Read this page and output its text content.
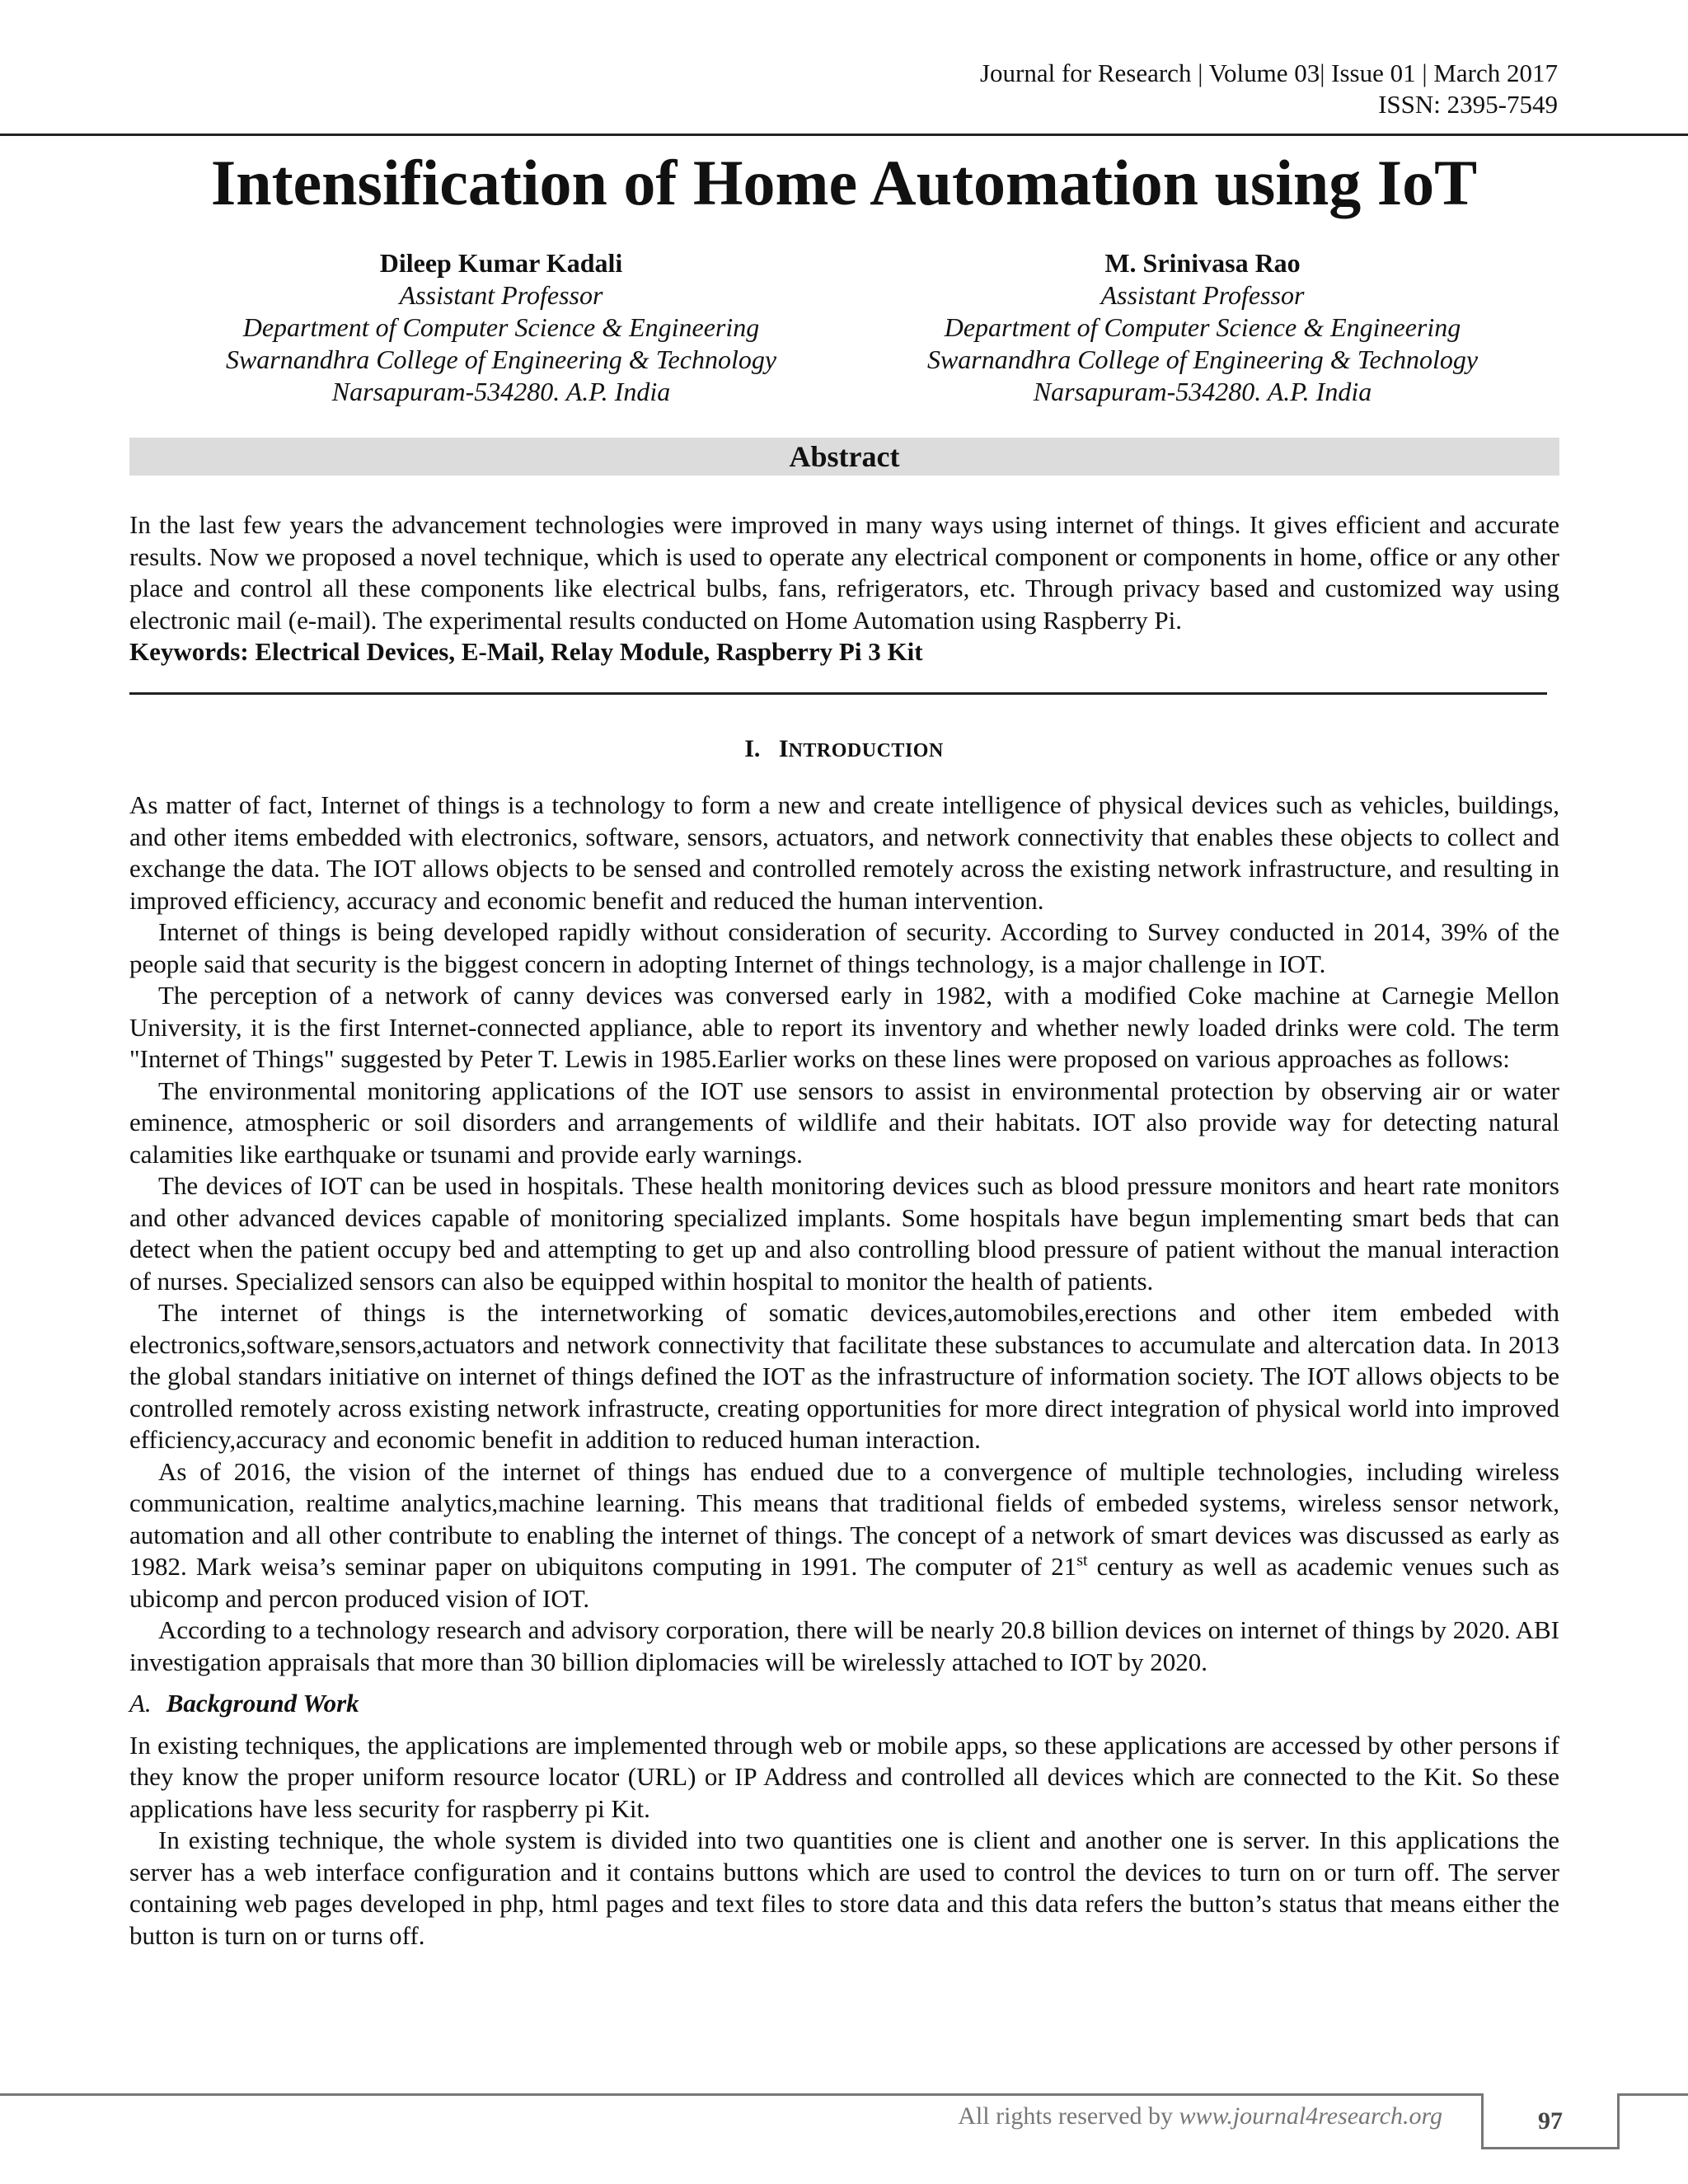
Journal for Research | Volume 03| Issue 01 | March 2017
ISSN: 2395-7549
Intensification of Home Automation using IoT
Dileep Kumar Kadali
Assistant Professor
Department of Computer Science & Engineering
Swarnandhra College of Engineering & Technology
Narsapuram-534280. A.P. India
M. Srinivasa Rao
Assistant Professor
Department of Computer Science & Engineering
Swarnandhra College of Engineering & Technology
Narsapuram-534280. A.P. India
Abstract

In the last few years the advancement technologies were improved in many ways using internet of things. It gives efficient and accurate results. Now we proposed a novel technique, which is used to operate any electrical component or components in home, office or any other place and control all these components like electrical bulbs, fans, refrigerators, etc. Through privacy based and customized way using electronic mail (e-mail). The experimental results conducted on Home Automation using Raspberry Pi.

Keywords: Electrical Devices, E-Mail, Relay Module, Raspberry Pi 3 Kit
I. INTRODUCTION

As matter of fact, Internet of things is a technology to form a new and create intelligence of physical devices such as vehicles, buildings, and other items embedded with electronics, software, sensors, actuators, and network connectivity that enables these objects to collect and exchange the data. The IOT allows objects to be sensed and controlled remotely across the existing network infrastructure, and resulting in improved efficiency, accuracy and economic benefit and reduced the human intervention.

Internet of things is being developed rapidly without consideration of security. According to Survey conducted in 2014, 39% of the people said that security is the biggest concern in adopting Internet of things technology, is a major challenge in IOT.

The perception of a network of canny devices was conversed early in 1982, with a modified Coke machine at Carnegie Mellon University, it is the first Internet-connected appliance, able to report its inventory and whether newly loaded drinks were cold. The term "Internet of Things" suggested by Peter T. Lewis in 1985.Earlier works on these lines were proposed on various approaches as follows:

The environmental monitoring applications of the IOT use sensors to assist in environmental protection by observing air or water eminence, atmospheric or soil disorders and arrangements of wildlife and their habitats. IOT also provide way for detecting natural calamities like earthquake or tsunami and provide early warnings.

The devices of IOT can be used in hospitals. These health monitoring devices such as blood pressure monitors and heart rate monitors and other advanced devices capable of monitoring specialized implants. Some hospitals have begun implementing smart beds that can detect when the patient occupy bed and attempting to get up and also controlling blood pressure of patient without the manual interaction of nurses. Specialized sensors can also be equipped within hospital to monitor the health of patients.

The internet of things is the internetworking of somatic devices,automobiles,erections and other item embeded with electronics,software,sensors,actuators and network connectivity that facilitate these substances to accumulate and altercation data. In 2013 the global standars initiative on internet of things defined the IOT as the infrastructure of information society. The IOT allows objects to be controlled remotely across existing network infrastructe, creating opportunities for more direct integration of physical world into improved efficiency,accuracy and economic benefit in addition to reduced human interaction.

As of 2016, the vision of the internet of things has endued due to a convergence of multiple technologies, including wireless communication, realtime analytics,machine learning. This means that traditional fields of embeded systems, wireless sensor network, automation and all other contribute to enabling the internet of things. The concept of a network of smart devices was discussed as early as 1982. Mark weisa’s seminar paper on ubiquitons computing in 1991. The computer of 21st century as well as academic venues such as ubicomp and percon produced vision of IOT.

According to a technology research and advisory corporation, there will be nearly 20.8 billion devices on internet of things by 2020. ABI investigation appraisals that more than 30 billion diplomacies will be wirelessly attached to IOT by 2020.

A. Background Work

In existing techniques, the applications are implemented through web or mobile apps, so these applications are accessed by other persons if they know the proper uniform resource locator (URL) or IP Address and controlled all devices which are connected to the Kit. So these applications have less security for raspberry pi Kit.

In existing technique, the whole system is divided into two quantities one is client and another one is server. In this applications the server has a web interface configuration and it contains buttons which are used to control the devices to turn on or turn off. The server containing web pages developed in php, html pages and text files to store data and this data refers the button’s status that means either the button is turn on or turns off.

All rights reserved by www.journal4research.org	97
